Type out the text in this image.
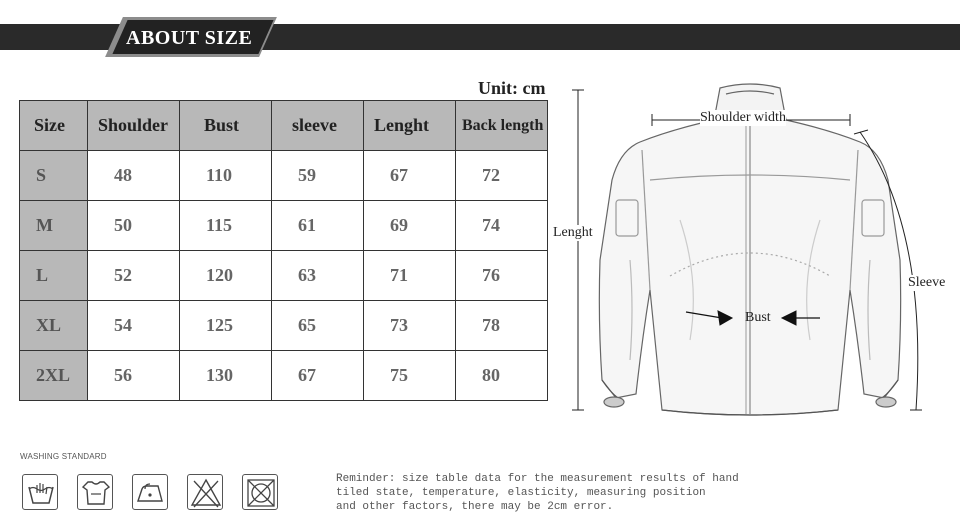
ABOUT SIZE
Unit: cm
Size	Shoulder	Bust	sleeve	Lenght	Back length
S	48	110	59	67	72
M	50	115	61	69	74
L	52	120	63	71	76
XL	54	125	65	73	78
2XL	56	130	67	75	80
Shoulder width
Lenght
Sleeve
Bust
WASHING STANDARD
Reminder: size table data for the measurement results of hand
tiled state, temperature, elasticity, measuring position
and other factors, there may be 2cm error.
